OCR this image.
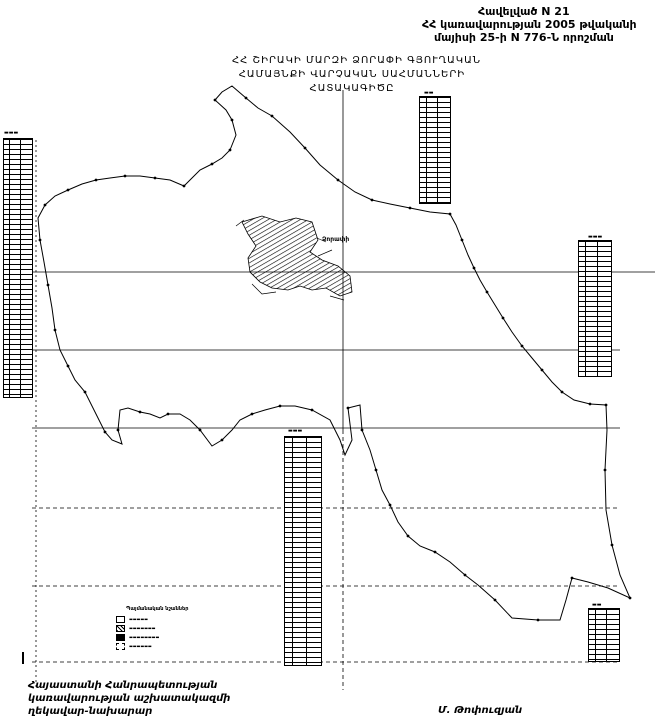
Հավելված N 21
ՀՀ կառավարության 2005 թվականի
մայիսի 25-ի N 776-Ն որոշման
ՀՀ ՇԻՐԱԿԻ ՄԱՐԶԻ ՁՈՐԱՓԻ ԳՅՈՒՂԱԿԱՆ
ՀԱՄԱՅՆՔԻ ՎԱՐՉԱԿԱՆ ՍԱՀՄԱՆՆԵՐԻ
ՀԱՏԱԿԱԳԻԾԸ
Ձորափի
▬▬▬
▬▬
▬▬▬
▬▬▬
▬▬
Պայմանական նշաններ
▬▬▬▬▬
▬▬▬▬▬▬▬
▬▬▬▬▬▬▬▬
▬▬▬▬▬▬
Հայաստանի Հանրապետության
կառավարության աշխատակազմի
ղեկավար-նախարար	Մ. Թոփուզյան
